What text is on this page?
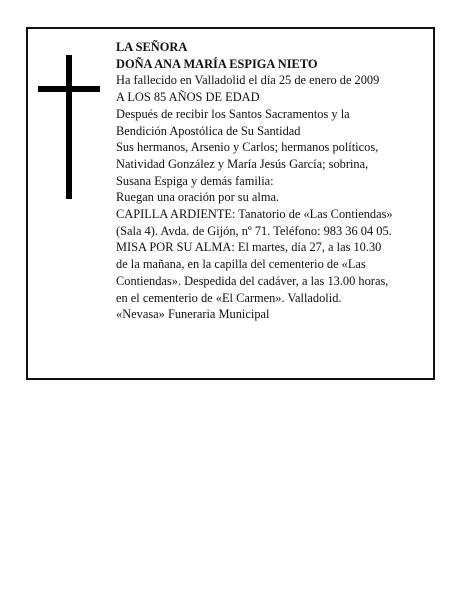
LA SEÑORA
DOÑA ANA MARÍA ESPIGA NIETO
Ha fallecido en Valladolid el día 25 de enero de 2009
A LOS 85 AÑOS DE EDAD
Después de recibir los Santos Sacramentos y la
Bendición Apostólica de Su Santidad
Sus hermanos, Arsenio y Carlos; hermanos políticos,
Natividad González y María Jesús García; sobrina,
Susana Espiga y demás familia:
Ruegan una oración por su alma.
CAPILLA ARDIENTE: Tanatorio de «Las Contiendas»
(Sala 4). Avda. de Gijón, nº 71. Teléfono: 983 36 04 05.
MISA POR SU ALMA: El martes, día 27, a las 10.30
de la mañana, en la capilla del cementerio de «Las
Contiendas». Despedida del cadáver, a las 13.00 horas,
en el cementerio de «El Carmen». Valladolid.
«Nevasa» Funeraria Municipal
